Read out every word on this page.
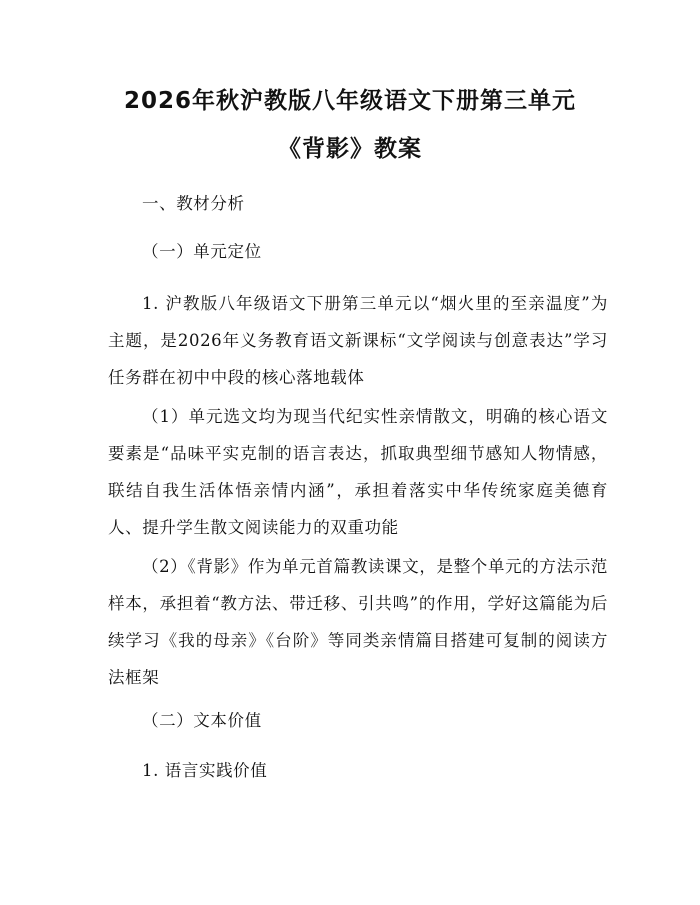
2026年秋沪教版八年级语文下册第三单元
《背影》教案
一、教材分析
（一）单元定位
1. 沪教版八年级语文下册第三单元以“烟火里的至亲温度”为主题，是2026年义务教育语文新课标“文学阅读与创意表达”学习任务群在初中中段的核心落地载体
（1）单元选文均为现当代纪实性亲情散文，明确的核心语文要素是“品味平实克制的语言表达，抓取典型细节感知人物情感，联结自我生活体悟亲情内涵”，承担着落实中华传统家庭美德育人、提升学生散文阅读能力的双重功能
（2）《背影》作为单元首篇教读课文，是整个单元的方法示范样本，承担着“教方法、带迁移、引共鸣”的作用，学好这篇能为后续学习《我的母亲》《台阶》等同类亲情篇目搭建可复制的阅读方法框架
（二）文本价值
1. 语言实践价值
